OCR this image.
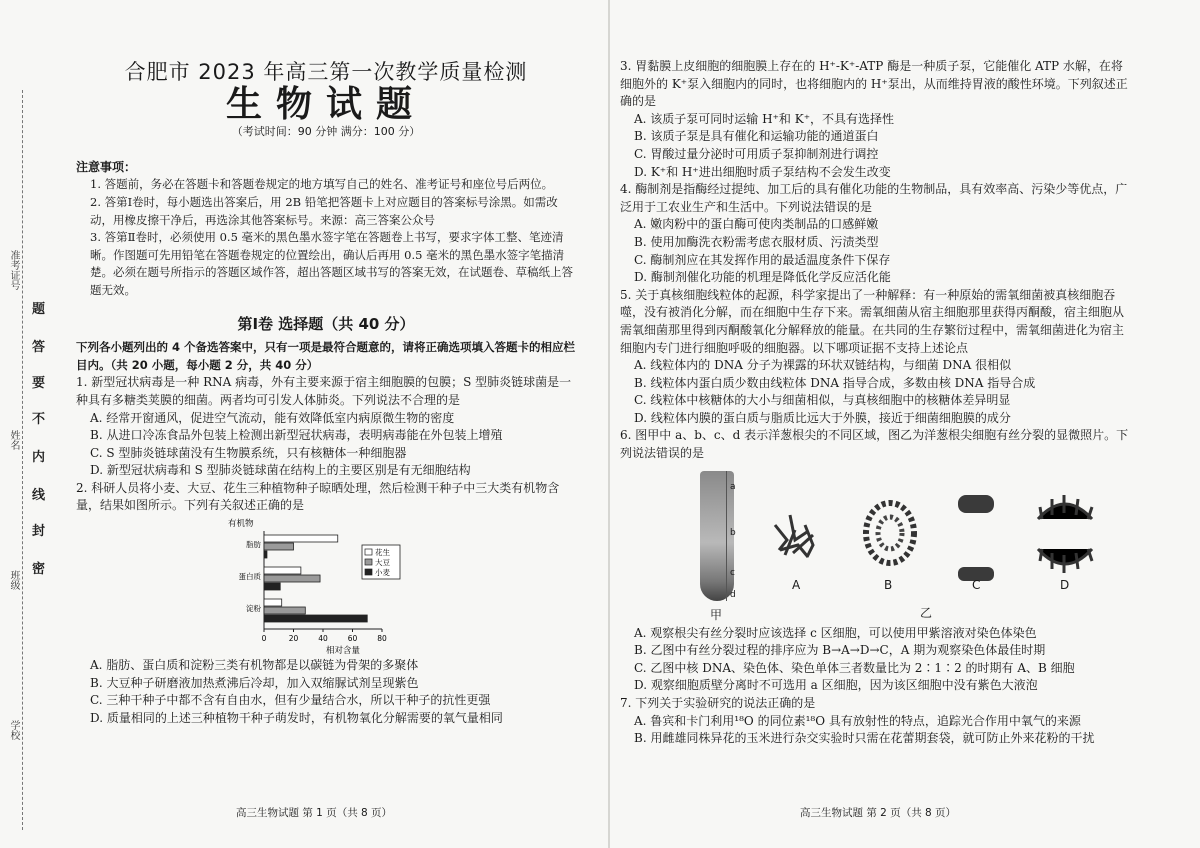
准考证号
姓名
班级
学校
题
答
要
不
内
线
封
密
合肥市 2023 年高三第一次教学质量检测
生物试题
（考试时间：90 分钟 满分：100 分）
注意事项：

1. 答题前，务必在答题卡和答题卷规定的地方填写自己的姓名、准考证号和座位号后两位。

2. 答第Ⅰ卷时，每小题选出答案后，用 2B 铅笔把答题卡上对应题目的答案标号涂黑。如需改动，用橡皮擦干净后，再选涂其他答案标号。来源：高三答案公众号

3. 答第Ⅱ卷时，必须使用 0.5 毫米的黑色墨水签字笔在答题卷上书写，要求字体工整、笔迹清晰。作图题可先用铅笔在答题卷规定的位置绘出，确认后再用 0.5 毫米的黑色墨水签字笔描清楚。必须在题号所指示的答题区域作答，超出答题区域书写的答案无效，在试题卷、草稿纸上答题无效。

第Ⅰ卷 选择题（共 40 分）
下列各小题列出的 4 个备选答案中，只有一项是最符合题意的，请将正确选项填入答题卡的相应栏目内。（共 20 小题，每小题 2 分，共 40 分）

1. 新型冠状病毒是一种 RNA 病毒，外有主要来源于宿主细胞膜的包膜；S 型肺炎链球菌是一种具有多糖类荚膜的细菌。两者均可引发人体肺炎。下列说法不合理的是

A. 经常开窗通风，促进空气流动，能有效降低室内病原微生物的密度

B. 从进口冷冻食品外包装上检测出新型冠状病毒，表明病毒能在外包装上增殖

C. S 型肺炎链球菌没有生物膜系统，只有核糖体一种细胞器

D. 新型冠状病毒和 S 型肺炎链球菌在结构上的主要区别是有无细胞结构

2. 科研人员将小麦、大豆、花生三种植物种子晾晒处理，然后检测干种子中三大类有机物含量，结果如图所示。下列有关叙述正确的是

有机物
0	20	40	60	80
相对含量
脂肪
蛋白质
淀粉
花生
大豆
小麦

A. 脂肪、蛋白质和淀粉三类有机物都是以碳链为骨架的多聚体

B. 大豆种子研磨液加热煮沸后冷却，加入双缩脲试剂呈现紫色

C. 三种干种子中都不含有自由水，但有少量结合水，所以干种子的抗性更强

D. 质量相同的上述三种植物干种子萌发时，有机物氧化分解需要的氧气量相同

高三生物试题 第 1 页（共 8 页）

3. 胃黏膜上皮细胞的细胞膜上存在的 H⁺-K⁺-ATP 酶是一种质子泵，它能催化 ATP 水解，在将细胞外的 K⁺泵入细胞内的同时，也将细胞内的 H⁺泵出，从而维持胃液的酸性环境。下列叙述正确的是

A. 该质子泵可同时运输 H⁺和 K⁺，不具有选择性

B. 该质子泵是具有催化和运输功能的通道蛋白

C. 胃酸过量分泌时可用质子泵抑制剂进行调控

D. K⁺和 H⁺进出细胞时质子泵结构不会发生改变

4. 酶制剂是指酶经过提纯、加工后的具有催化功能的生物制品，具有效率高、污染少等优点，广泛用于工农业生产和生活中。下列说法错误的是

A. 嫩肉粉中的蛋白酶可使肉类制品的口感鲜嫩

B. 使用加酶洗衣粉需考虑衣服材质、污渍类型

C. 酶制剂应在其发挥作用的最适温度条件下保存

D. 酶制剂催化功能的机理是降低化学反应活化能

5. 关于真核细胞线粒体的起源，科学家提出了一种解释：有一种原始的需氧细菌被真核细胞吞噬，没有被消化分解，而在细胞中生存下来。需氧细菌从宿主细胞那里获得丙酮酸，宿主细胞从需氧细菌那里得到丙酮酸氧化分解释放的能量。在共同的生存繁衍过程中，需氧细菌进化为宿主细胞内专门进行细胞呼吸的细胞器。以下哪项证据不支持上述论点

A. 线粒体内的 DNA 分子为裸露的环状双链结构，与细菌 DNA 很相似

B. 线粒体内蛋白质少数由线粒体 DNA 指导合成，多数由核 DNA 指导合成

C. 线粒体中核糖体的大小与细菌相似，与真核细胞中的核糖体差异明显

D. 线粒体内膜的蛋白质与脂质比远大于外膜，接近于细菌细胞膜的成分

6. 图甲中 a、b、c、d 表示洋葱根尖的不同区域，图乙为洋葱根尖细胞有丝分裂的显微照片。下列说法错误的是

a
b
c
d
甲
A	B	C	D
乙

A. 观察根尖有丝分裂时应该选择 c 区细胞，可以使用甲紫溶液对染色体染色

B. 乙图中有丝分裂过程的排序应为 B→A→D→C，A 期为观察染色体最佳时期

C. 乙图中核 DNA、染色体、染色单体三者数量比为 2∶1∶2 的时期有 A、B 细胞

D. 观察细胞质壁分离时不可选用 a 区细胞，因为该区细胞中没有紫色大液泡

7. 下列关于实验研究的说法正确的是

A. 鲁宾和卡门利用¹⁸O 的同位素¹⁸O 具有放射性的特点，追踪光合作用中氧气的来源

B. 用雌雄同株异花的玉米进行杂交实验时只需在花蕾期套袋，就可防止外来花粉的干扰

高三生物试题 第 2 页（共 8 页）
